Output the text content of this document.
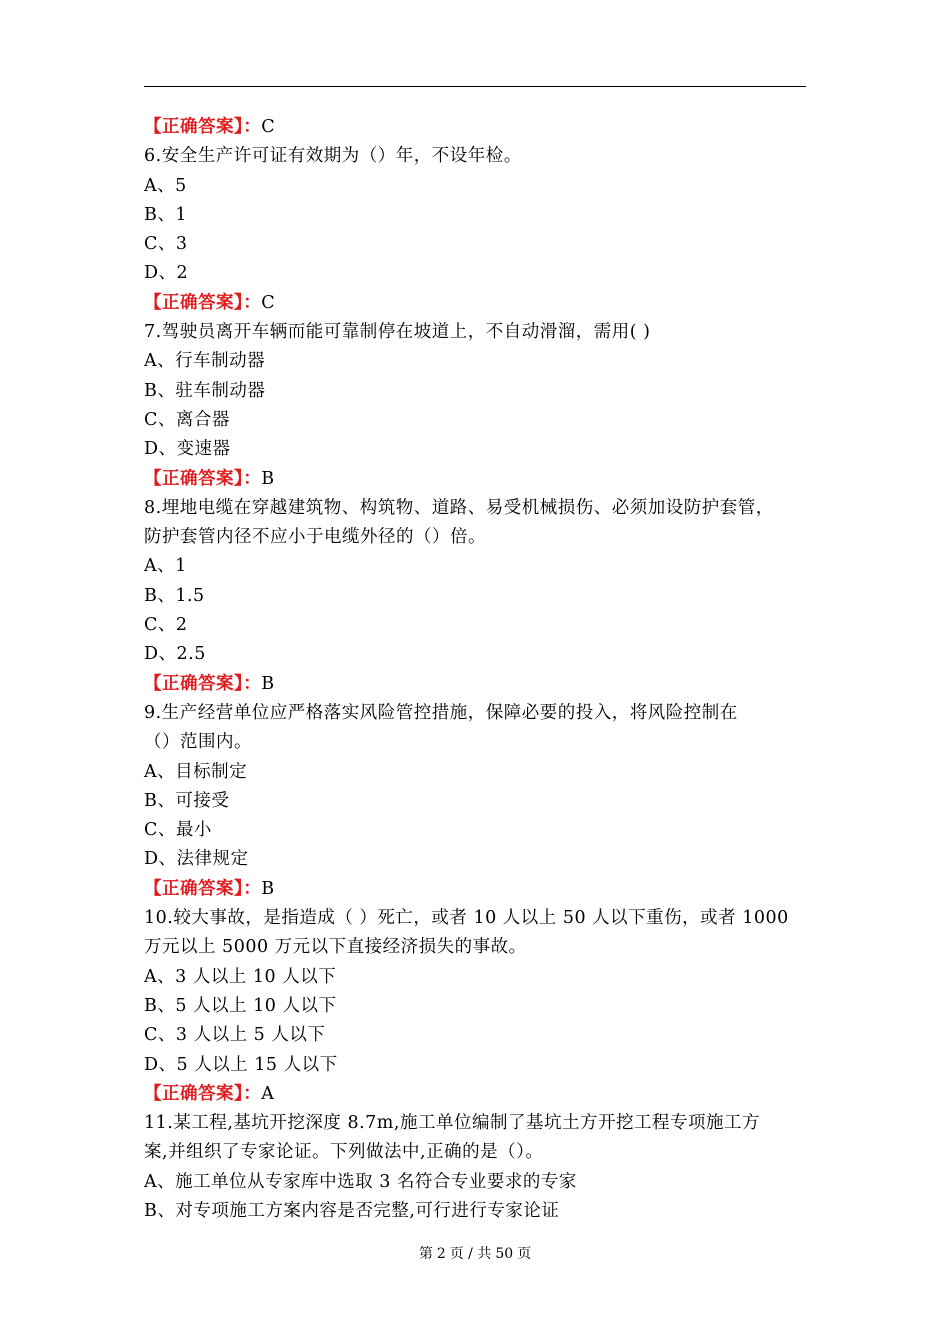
【正确答案】：C
6.安全生产许可证有效期为（）年，不设年检。
A、5
B、1
C、3
D、2
【正确答案】：C
7.驾驶员离开车辆而能可靠制停在坡道上，不自动滑溜，需用( )
A、行车制动器
B、驻车制动器
C、离合器
D、变速器
【正确答案】：B
8.埋地电缆在穿越建筑物、构筑物、道路、易受机械损伤、必须加设防护套管，
防护套管内径不应小于电缆外径的（）倍。
A、1
B、1.5
C、2
D、2.5
【正确答案】：B
9.生产经营单位应严格落实风险管控措施，保障必要的投入，将风险控制在
（）范围内。
A、目标制定
B、可接受
C、最小
D、法律规定
【正确答案】：B
10.较大事故，是指造成（ ）死亡，或者 10 人以上 50 人以下重伤，或者 1000
万元以上 5000 万元以下直接经济损失的事故。
A、3 人以上 10 人以下
B、5 人以上 10 人以下
C、3 人以上 5 人以下
D、5 人以上 15 人以下
【正确答案】：A
11.某工程,基坑开挖深度 8.7m,施工单位编制了基坑土方开挖工程专项施工方
案,并组织了专家论证。下列做法中,正确的是（）。
A、施工单位从专家库中选取 3 名符合专业要求的专家
B、对专项施工方案内容是否完整,可行进行专家论证
第 2 页 / 共 50 页
